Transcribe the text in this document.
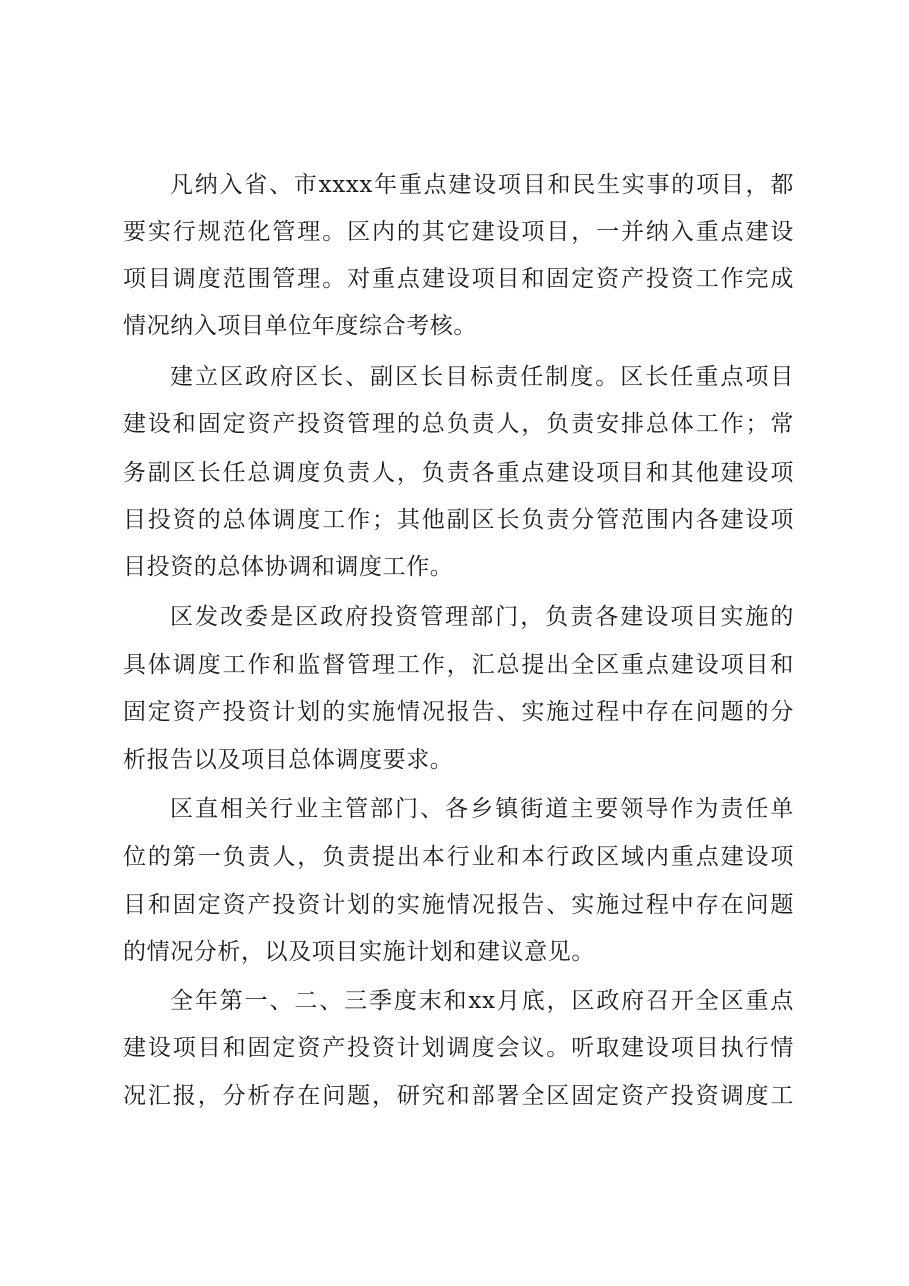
凡纳入省、市xxxx年重点建设项目和民生实事的项目，都
要实行规范化管理。区内的其它建设项目，一并纳入重点建设
项目调度范围管理。对重点建设项目和固定资产投资工作完成
情况纳入项目单位年度综合考核。
建立区政府区长、副区长目标责任制度。区长任重点项目
建设和固定资产投资管理的总负责人，负责安排总体工作；常
务副区长任总调度负责人，负责各重点建设项目和其他建设项
目投资的总体调度工作；其他副区长负责分管范围内各建设项
目投资的总体协调和调度工作。
区发改委是区政府投资管理部门，负责各建设项目实施的
具体调度工作和监督管理工作，汇总提出全区重点建设项目和
固定资产投资计划的实施情况报告、实施过程中存在问题的分
析报告以及项目总体调度要求。
区直相关行业主管部门、各乡镇街道主要领导作为责任单
位的第一负责人，负责提出本行业和本行政区域内重点建设项
目和固定资产投资计划的实施情况报告、实施过程中存在问题
的情况分析，以及项目实施计划和建议意见。
全年第一、二、三季度末和xx月底，区政府召开全区重点
建设项目和固定资产投资计划调度会议。听取建设项目执行情
况汇报，分析存在问题，研究和部署全区固定资产投资调度工
